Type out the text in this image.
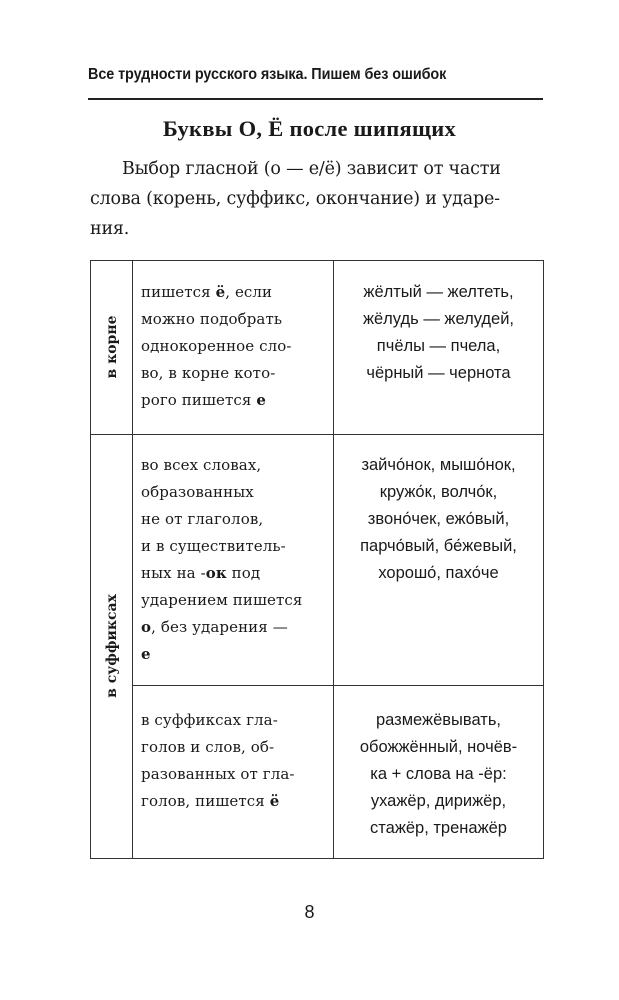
Все трудности русского языка. Пишем без ошибок
Буквы О, Ё после шипящих
Выбор гласной (о — е/ё) зависит от части
слова (корень, суффикс, окончание) и ударе-
ния.
в корне
в суффиксах
пишется ё, если
можно подобрать
однокоренное сло-
во, в корне кото-
рого пишется е
жёлтый — желтеть,
жёлудь — желудей,
пчёлы — пчела,
чёрный — чернота
во всех словах,
образованных
не от глаголов,
и в существитель-
ных на -ок под
ударением пишется
о, без ударения —
е
зайчо́нок, мышо́нок,
кружо́к, волчо́к,
звоно́чек, ежо́вый,
парчо́вый, бе́жевый,
хорошо́, пахо́че
в суффиксах гла-
голов и слов, об-
разованных от гла-
голов, пишется ё
размежёвывать,
обожжённый, ночёв-
ка + слова на -ёр:
ухажёр, дирижёр,
стажёр, тренажёр
8
